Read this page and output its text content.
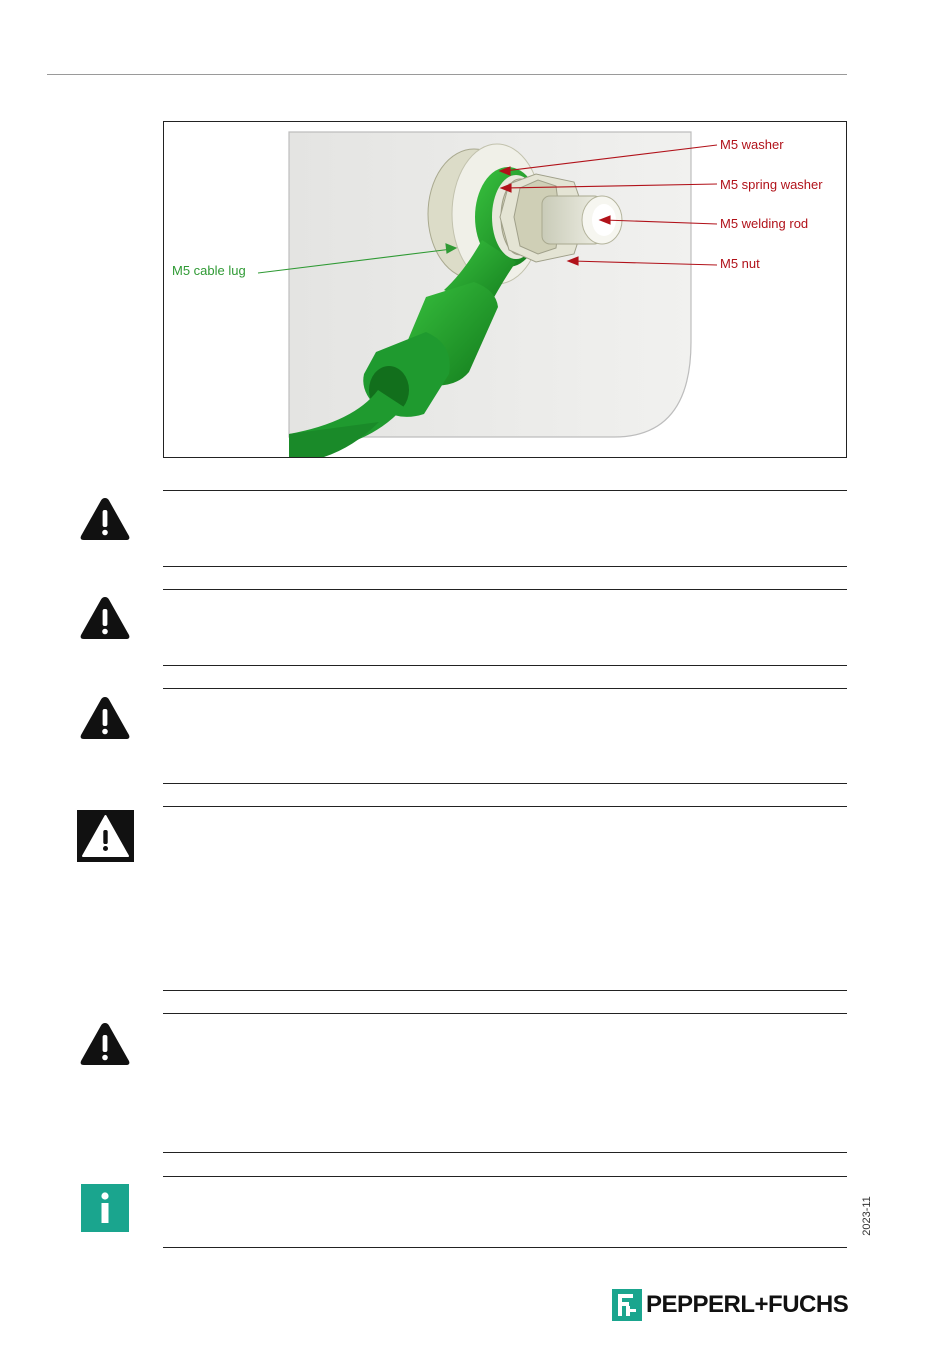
M5 washer
M5 spring washer
M5 welding rod
M5 nut
M5 cable lug
2023-11
PEPPERL+FUCHS
